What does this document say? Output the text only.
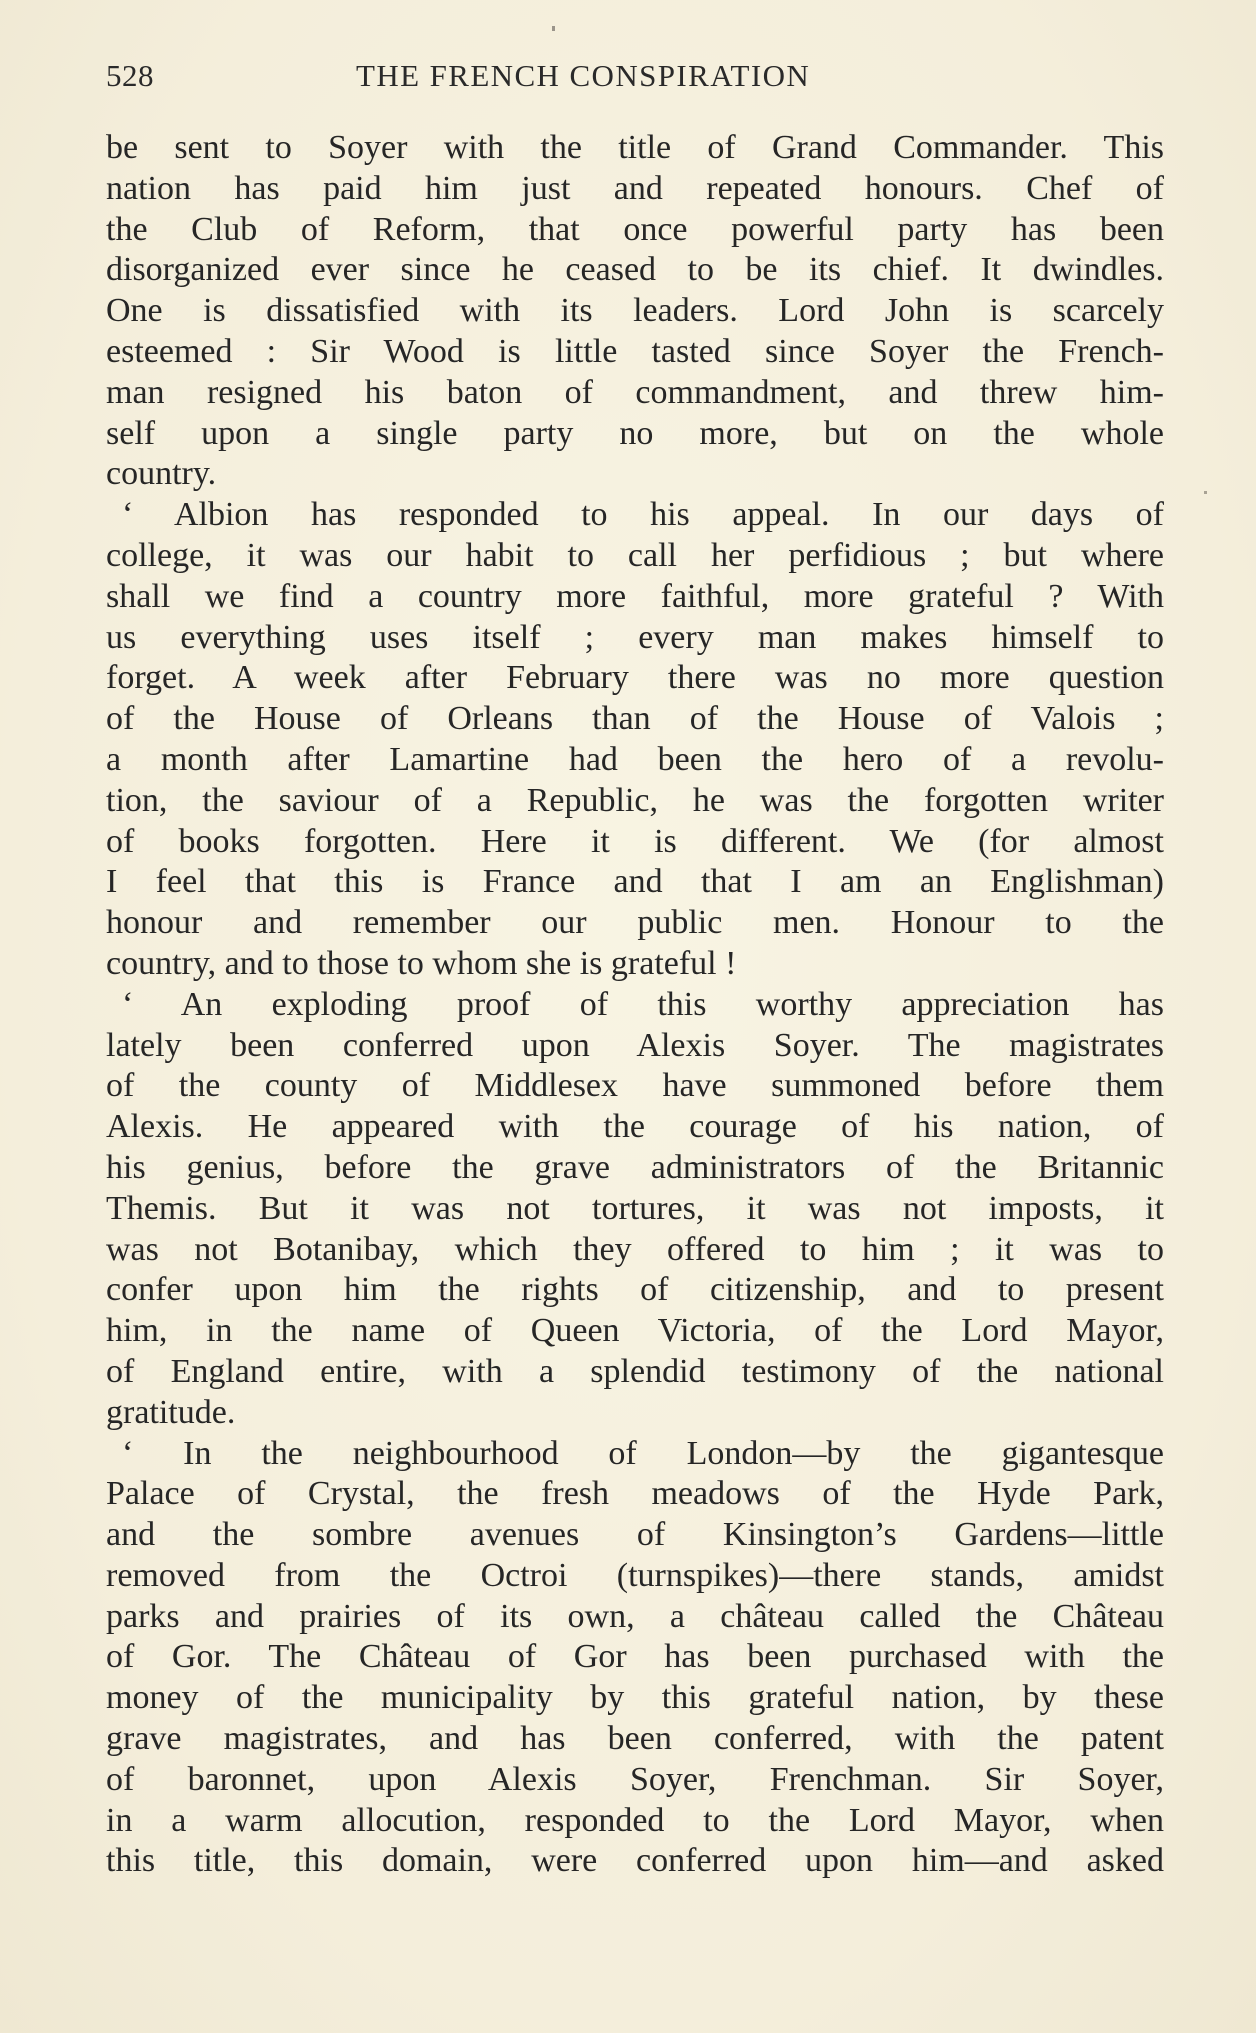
528	THE FRENCH CONSPIRATION
be sent to Soyer with the title of Grand Commander. This
nation has paid him just and repeated honours. Chef of
the Club of Reform, that once powerful party has been
disorganized ever since he ceased to be its chief. It dwindles.
One is dissatisfied with its leaders. Lord John is scarcely
esteemed : Sir Wood is little tasted since Soyer the French-
man resigned his baton of commandment, and threw him-
self upon a single party no more, but on the whole
country.
‘ Albion has responded to his appeal. In our days of
college, it was our habit to call her perfidious ; but where
shall we find a country more faithful, more grateful ? With
us everything uses itself ; every man makes himself to
forget. A week after February there was no more question
of the House of Orleans than of the House of Valois ;
a month after Lamartine had been the hero of a revolu-
tion, the saviour of a Republic, he was the forgotten writer
of books forgotten. Here it is different. We (for almost
I feel that this is France and that I am an Englishman)
honour and remember our public men. Honour to the
country, and to those to whom she is grateful !
‘ An exploding proof of this worthy appreciation has
lately been conferred upon Alexis Soyer. The magistrates
of the county of Middlesex have summoned before them
Alexis. He appeared with the courage of his nation, of
his genius, before the grave administrators of the Britannic
Themis. But it was not tortures, it was not imposts, it
was not Botanibay, which they offered to him ; it was to
confer upon him the rights of citizenship, and to present
him, in the name of Queen Victoria, of the Lord Mayor,
of England entire, with a splendid testimony of the national
gratitude.
‘ In the neighbourhood of London—by the gigantesque
Palace of Crystal, the fresh meadows of the Hyde Park,
and the sombre avenues of Kinsington’s Gardens—little
removed from the Octroi (turnspikes)—there stands, amidst
parks and prairies of its own, a château called the Château
of Gor. The Château of Gor has been purchased with the
money of the municipality by this grateful nation, by these
grave magistrates, and has been conferred, with the patent
of baronnet, upon Alexis Soyer, Frenchman. Sir Soyer,
in a warm allocution, responded to the Lord Mayor, when
this title, this domain, were conferred upon him—and asked
